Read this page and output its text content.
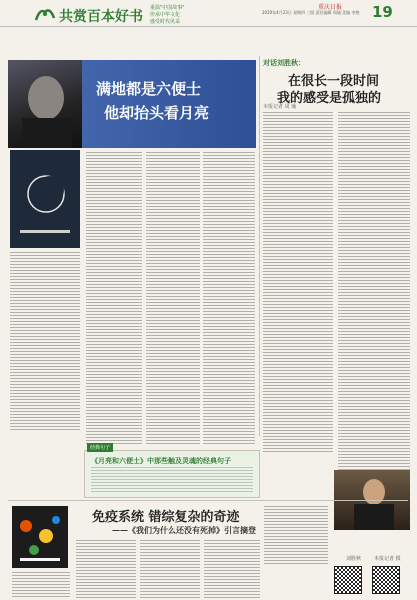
共赏百本好书
重温"中国故事"
传承中华文化
感受时代风采
2020年4月23日 星期四 三版 责任编辑 周瑜 美编 李艳
重庆日报 19
满地都是六便士
他却抬头看月亮
对话刘胜秋：
在很长一段时间
我的感受是孤独的
本报记者 周 瑜
经典句子
《月亮和六便士》中那些触及灵魂的经典句子
刘胜秋	本报记者 摄
免疫系统 错综复杂的奇迹
——《我们为什么还没有死掉》引言摘登
